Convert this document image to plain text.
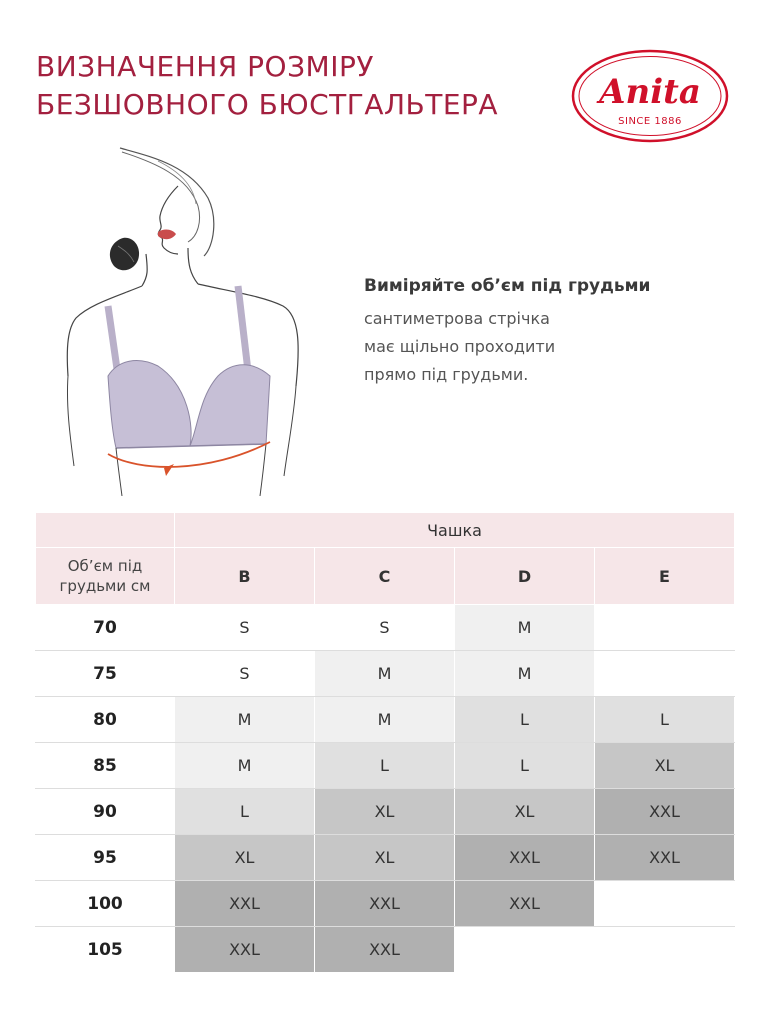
ВИЗНАЧЕННЯ РОЗМІРУ
БЕЗШОВНОГО БЮСТГАЛЬТЕРА	Anita
SINCE 1886

Виміряйте об’єм під грудьми

сантиметрова стрічка

має щільно проходити

прямо під грудьми.

	Чашка			

Об’єм під
грудьми см	B	C	D	E
70	S	S	M	
75	S	M	M	
80	M	M	L	L
85	M	L	L	XL
90	L	XL	XL	XXL
95	XL	XL	XXL	XXL
100	XXL	XXL	XXL	
105	XXL	XXL		
